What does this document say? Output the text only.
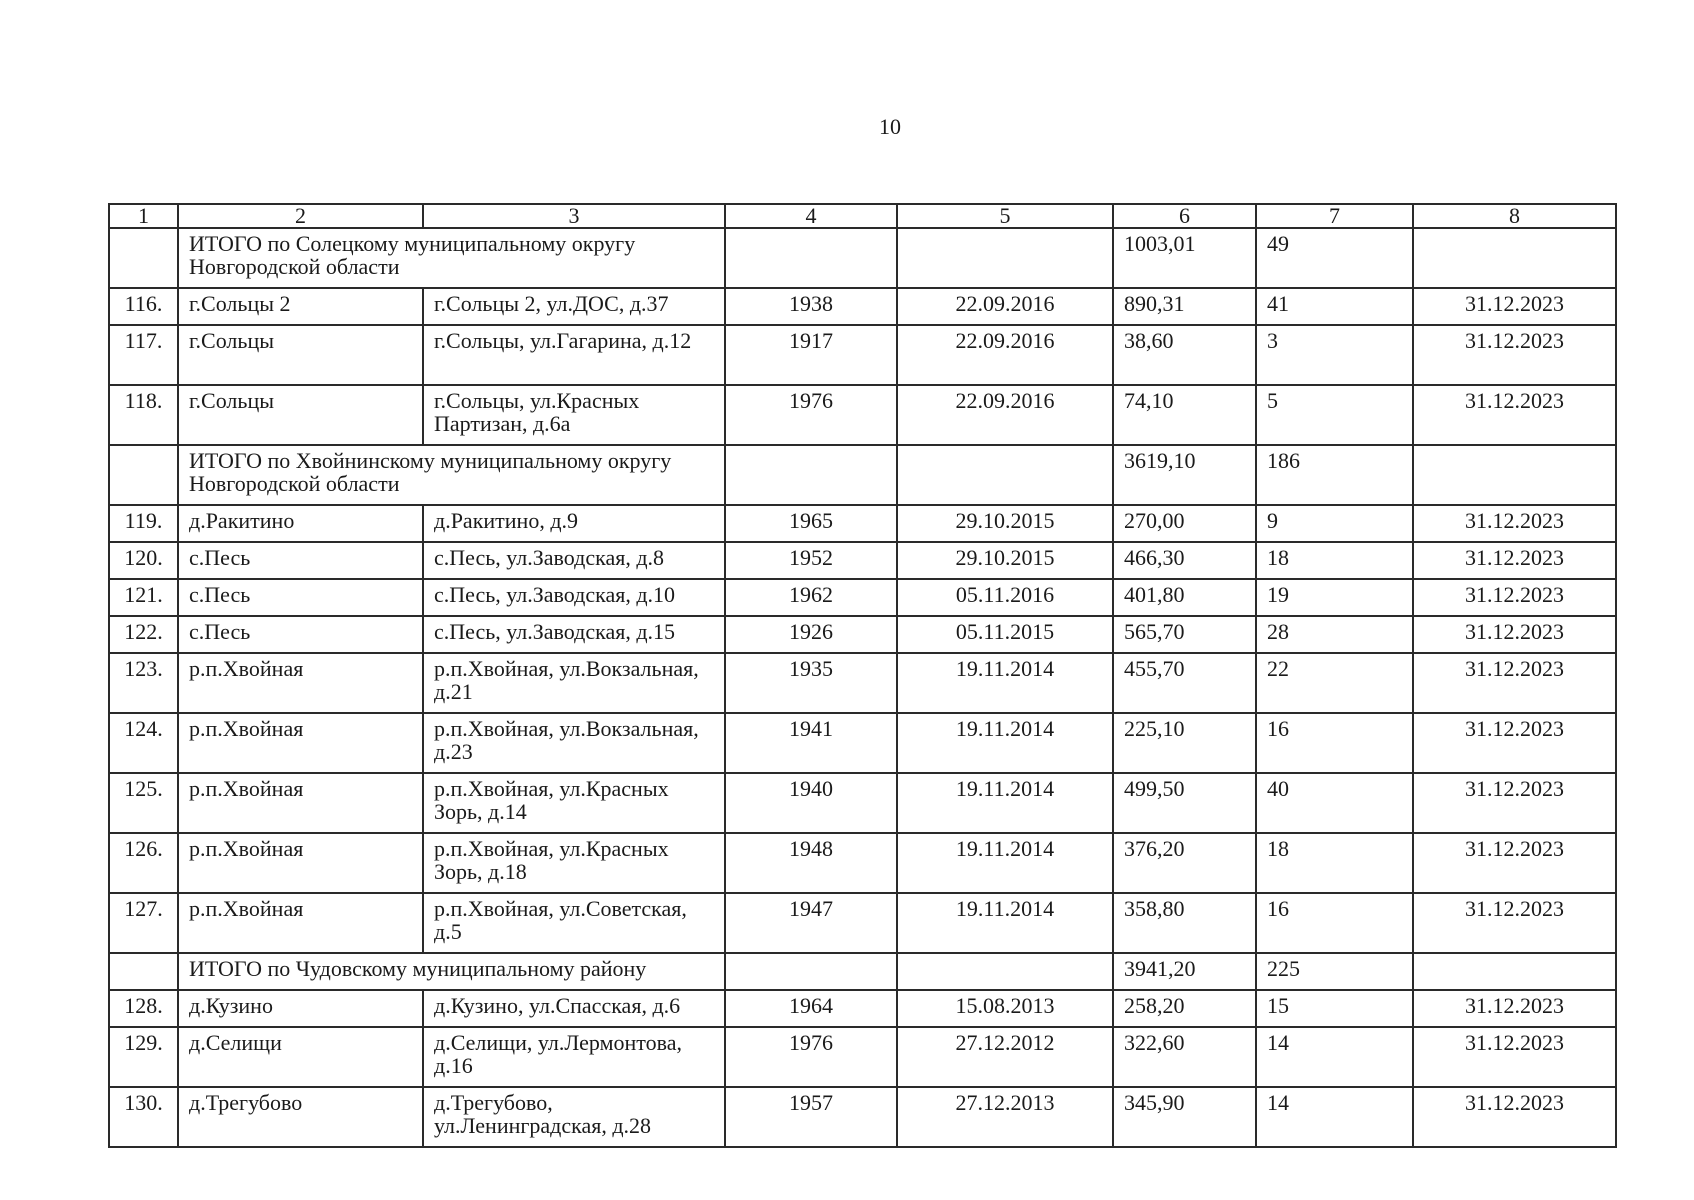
10
1	2	3	4	5	6	7	8
	ИТОГО по Солецкому муниципальному округу Новгородской области				1003,01	49	
116.	г.Сольцы 2	г.Сольцы 2, ул.ДОС, д.37	1938	22.09.2016	890,31	41	31.12.2023
117.	г.Сольцы	г.Сольцы, ул.Гагарина, д.12	1917	22.09.2016	38,60	3	31.12.2023
118.	г.Сольцы	г.Сольцы, ул.Красных Партизан, д.6а	1976	22.09.2016	74,10	5	31.12.2023
	ИТОГО по Хвойнинскому муниципальному округу Новгородской области				3619,10	186	
119.	д.Ракитино	д.Ракитино, д.9	1965	29.10.2015	270,00	9	31.12.2023
120.	с.Песь	с.Песь, ул.Заводская, д.8	1952	29.10.2015	466,30	18	31.12.2023
121.	с.Песь	с.Песь, ул.Заводская, д.10	1962	05.11.2016	401,80	19	31.12.2023
122.	с.Песь	с.Песь, ул.Заводская, д.15	1926	05.11.2015	565,70	28	31.12.2023
123.	р.п.Хвойная	р.п.Хвойная, ул.Вокзальная, д.21	1935	19.11.2014	455,70	22	31.12.2023
124.	р.п.Хвойная	р.п.Хвойная, ул.Вокзальная, д.23	1941	19.11.2014	225,10	16	31.12.2023
125.	р.п.Хвойная	р.п.Хвойная, ул.Красных Зорь, д.14	1940	19.11.2014	499,50	40	31.12.2023
126.	р.п.Хвойная	р.п.Хвойная, ул.Красных Зорь, д.18	1948	19.11.2014	376,20	18	31.12.2023
127.	р.п.Хвойная	р.п.Хвойная, ул.Советская, д.5	1947	19.11.2014	358,80	16	31.12.2023
	ИТОГО по Чудовскому муниципальному району				3941,20	225	
128.	д.Кузино	д.Кузино, ул.Спасская, д.6	1964	15.08.2013	258,20	15	31.12.2023
129.	д.Селищи	д.Селищи, ул.Лермонтова, д.16	1976	27.12.2012	322,60	14	31.12.2023
130.	д.Трегубово	д.Трегубово, ул.Ленинградская, д.28	1957	27.12.2013	345,90	14	31.12.2023
